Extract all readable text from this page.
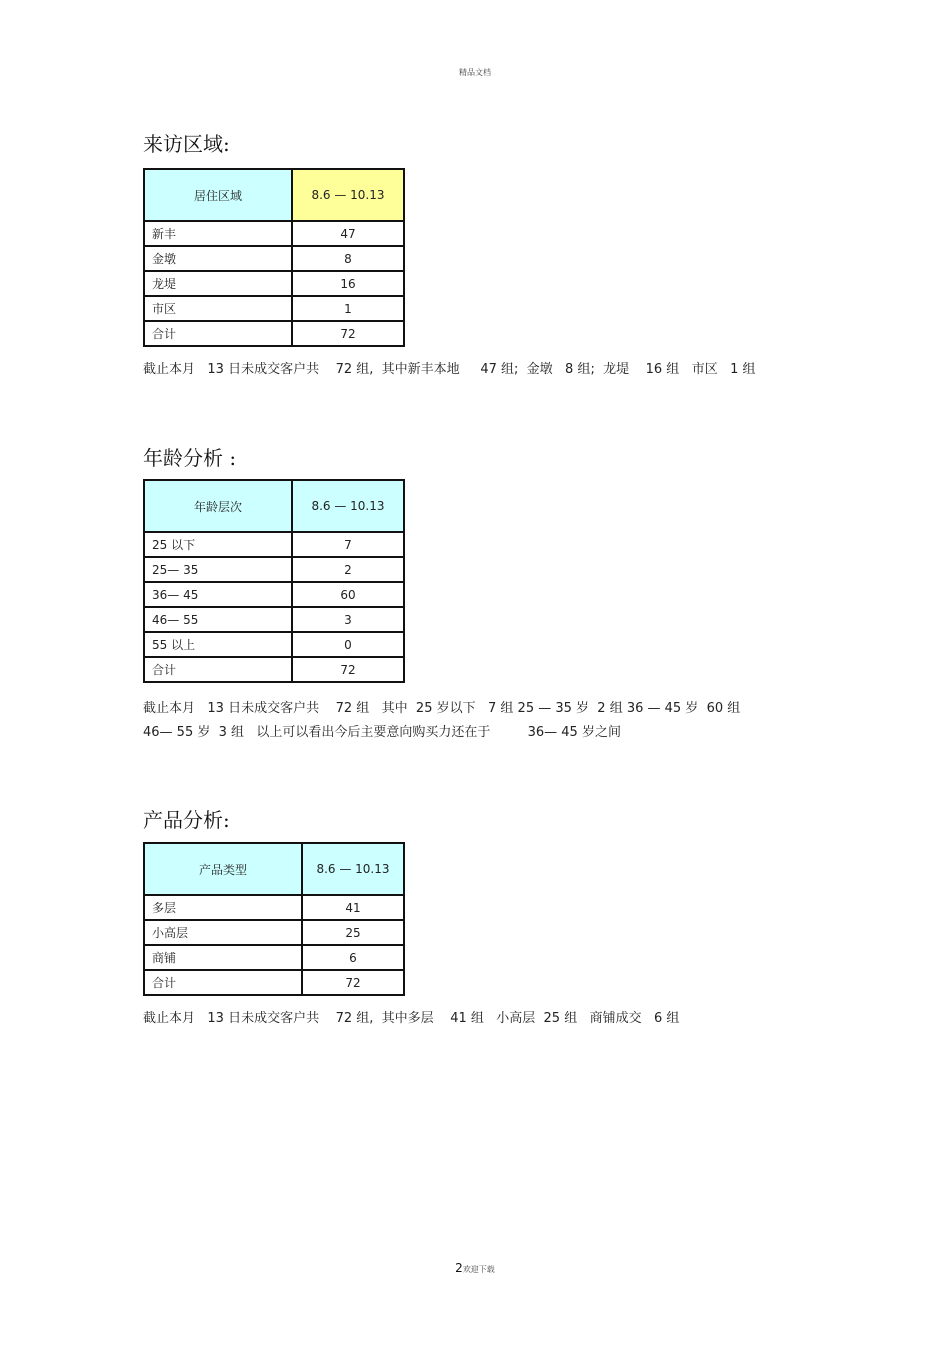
精品文档
来访区域:
居住区域	8.6 — 10.13
新丰	47
金墩	8
龙堤	16
市区	1
合计	72
截止本月   13 日未成交客户共    72 组,  其中新丰本地     47 组;  金墩   8 组;  龙堤    16 组   市区   1 组
年龄分析 :
年龄层次	8.6 — 10.13
25 以下	7
25— 35	2
36— 45	60
46— 55	3
55 以上	0
合计	72
截止本月   13 日未成交客户共    72 组   其中  25 岁以下   7 组 25 — 35 岁  2 组 36 — 45 岁  60 组
46— 55 岁  3 组   以上可以看出今后主要意向购买力还在于         36— 45 岁之间
产品分析:
产品类型	8.6 — 10.13
多层	41
小高层	25
商铺	6
合计	72
截止本月   13 日未成交客户共    72 组,  其中多层    41 组   小高层  25 组   商铺成交   6 组
2欢迎下载
